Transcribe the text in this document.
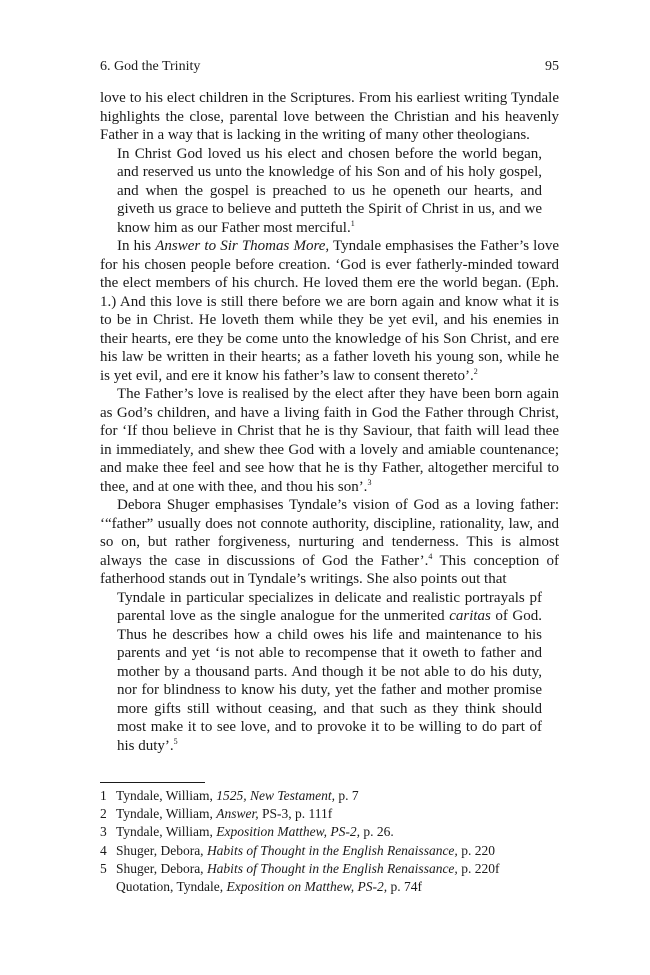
6. God the Trinity	95

love to his elect children in the Scriptures. From his earliest writing Tyndale highlights the close, parental love between the Christian and his heavenly Father in a way that is lacking in the writing of many other theologians.

In Christ God loved us his elect and chosen before the world began, and reserved us unto the knowledge of his Son and of his holy gospel, and when the gospel is preached to us he openeth our hearts, and giveth us grace to believe and putteth the Spirit of Christ in us, and we know him as our Father most merciful.$^1$

In his Answer to Sir Thomas More, Tyndale emphasises the Father’s love for his chosen people before creation. ‘God is ever fatherly-minded toward the elect members of his church. He loved them ere the world began. (Eph. 1.) And this love is still there before we are born again and know what it is to be in Christ. He loveth them while they be yet evil, and his enemies in their hearts, ere they be come unto the knowledge of his Son Christ, and ere his law be written in their hearts; as a father loveth his young son, while he is yet evil, and ere it know his father’s law to consent thereto’.$^2$

The Father’s love is realised by the elect after they have been born again as God’s children, and have a living faith in God the Father through Christ, for ‘If thou believe in Christ that he is thy Saviour, that faith will lead thee in immediately, and shew thee God with a lovely and amiable countenance; and make thee feel and see how that he is thy Father, altogether merciful to thee, and at one with thee, and thou his son’.$^3$

Debora Shuger emphasises Tyndale’s vision of God as a loving father: ‘“father” usually does not connote authority, discipline, rationality, law, and so on, but rather forgiveness, nurturing and tenderness. This is almost always the case in discussions of God the Father’.$^4$ This conception of fatherhood stands out in Tyndale’s writings. She also points out that

Tyndale in particular specializes in delicate and realistic portrayals pf parental love as the single analogue for the unmerited caritas of God. Thus he describes how a child owes his life and maintenance to his parents and yet ‘is not able to recompense that it oweth to father and mother by a thousand parts. And though it be not able to do his duty, nor for blindness to know his duty, yet the father and mother promise more gifts still without ceasing, and that such as they think should most make it to see love, and to provoke it to be willing to do part of his duty’.$^5$

1 Tyndale, William, 1525, New Testament, p. 7
2 Tyndale, William, Answer, PS-3, p. 111f
3 Tyndale, William, Exposition Matthew, PS-2, p. 26.
4 Shuger, Debora, Habits of Thought in the English Renaissance, p. 220
5 Shuger, Debora, Habits of Thought in the English Renaissance, p. 220f
Quotation, Tyndale, Exposition on Matthew, PS-2, p. 74f
